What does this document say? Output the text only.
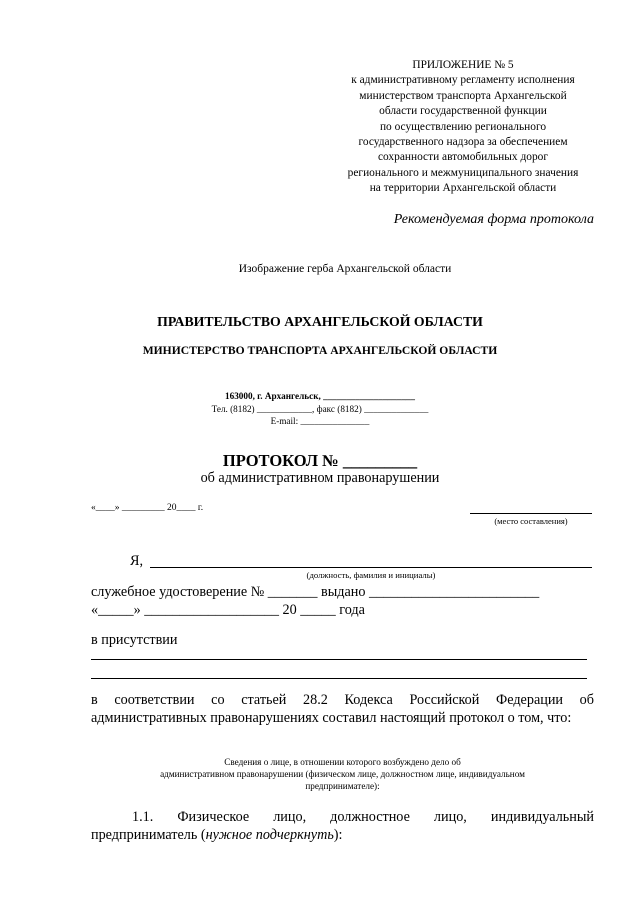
ПРИЛОЖЕНИЕ № 5
к административному регламенту исполнения
министерством транспорта Архангельской
области государственной функции
по осуществлению регионального
государственного надзора за обеспечением
сохранности автомобильных дорог
регионального и межмуниципального значения
на территории Архангельской области
Рекомендуемая форма протокола
Изображение герба Архангельской области
ПРАВИТЕЛЬСТВО АРХАНГЕЛЬСКОЙ ОБЛАСТИ
МИНИСТЕРСТВО ТРАНСПОРТА АРХАНГЕЛЬСКОЙ ОБЛАСТИ
163000, г. Архангельск, ____________________
Тел. (8182) ____________, факс (8182) ______________
E-mail: _______________
ПРОТОКОЛ № _________
об административном правонарушении
«____» _________ 20____ г.
(место составления)
Я,
(должность, фамилия и инициалы)
служебное удостоверение № _______ выдано ________________________
«_____» ___________________ 20 _____ года
в присутствии
в соответствии со статьей 28.2 Кодекса Российской Федерации об административных правонарушениях составил настоящий протокол о том, что:
Сведения о лице, в отношении которого возбуждено дело об
административном правонарушении (физическом лице, должностном лице, индивидуальном
предпринимателе):
1.1. Физическое лицо, должностное лицо, индивидуальный предприниматель (нужное подчеркнуть):
